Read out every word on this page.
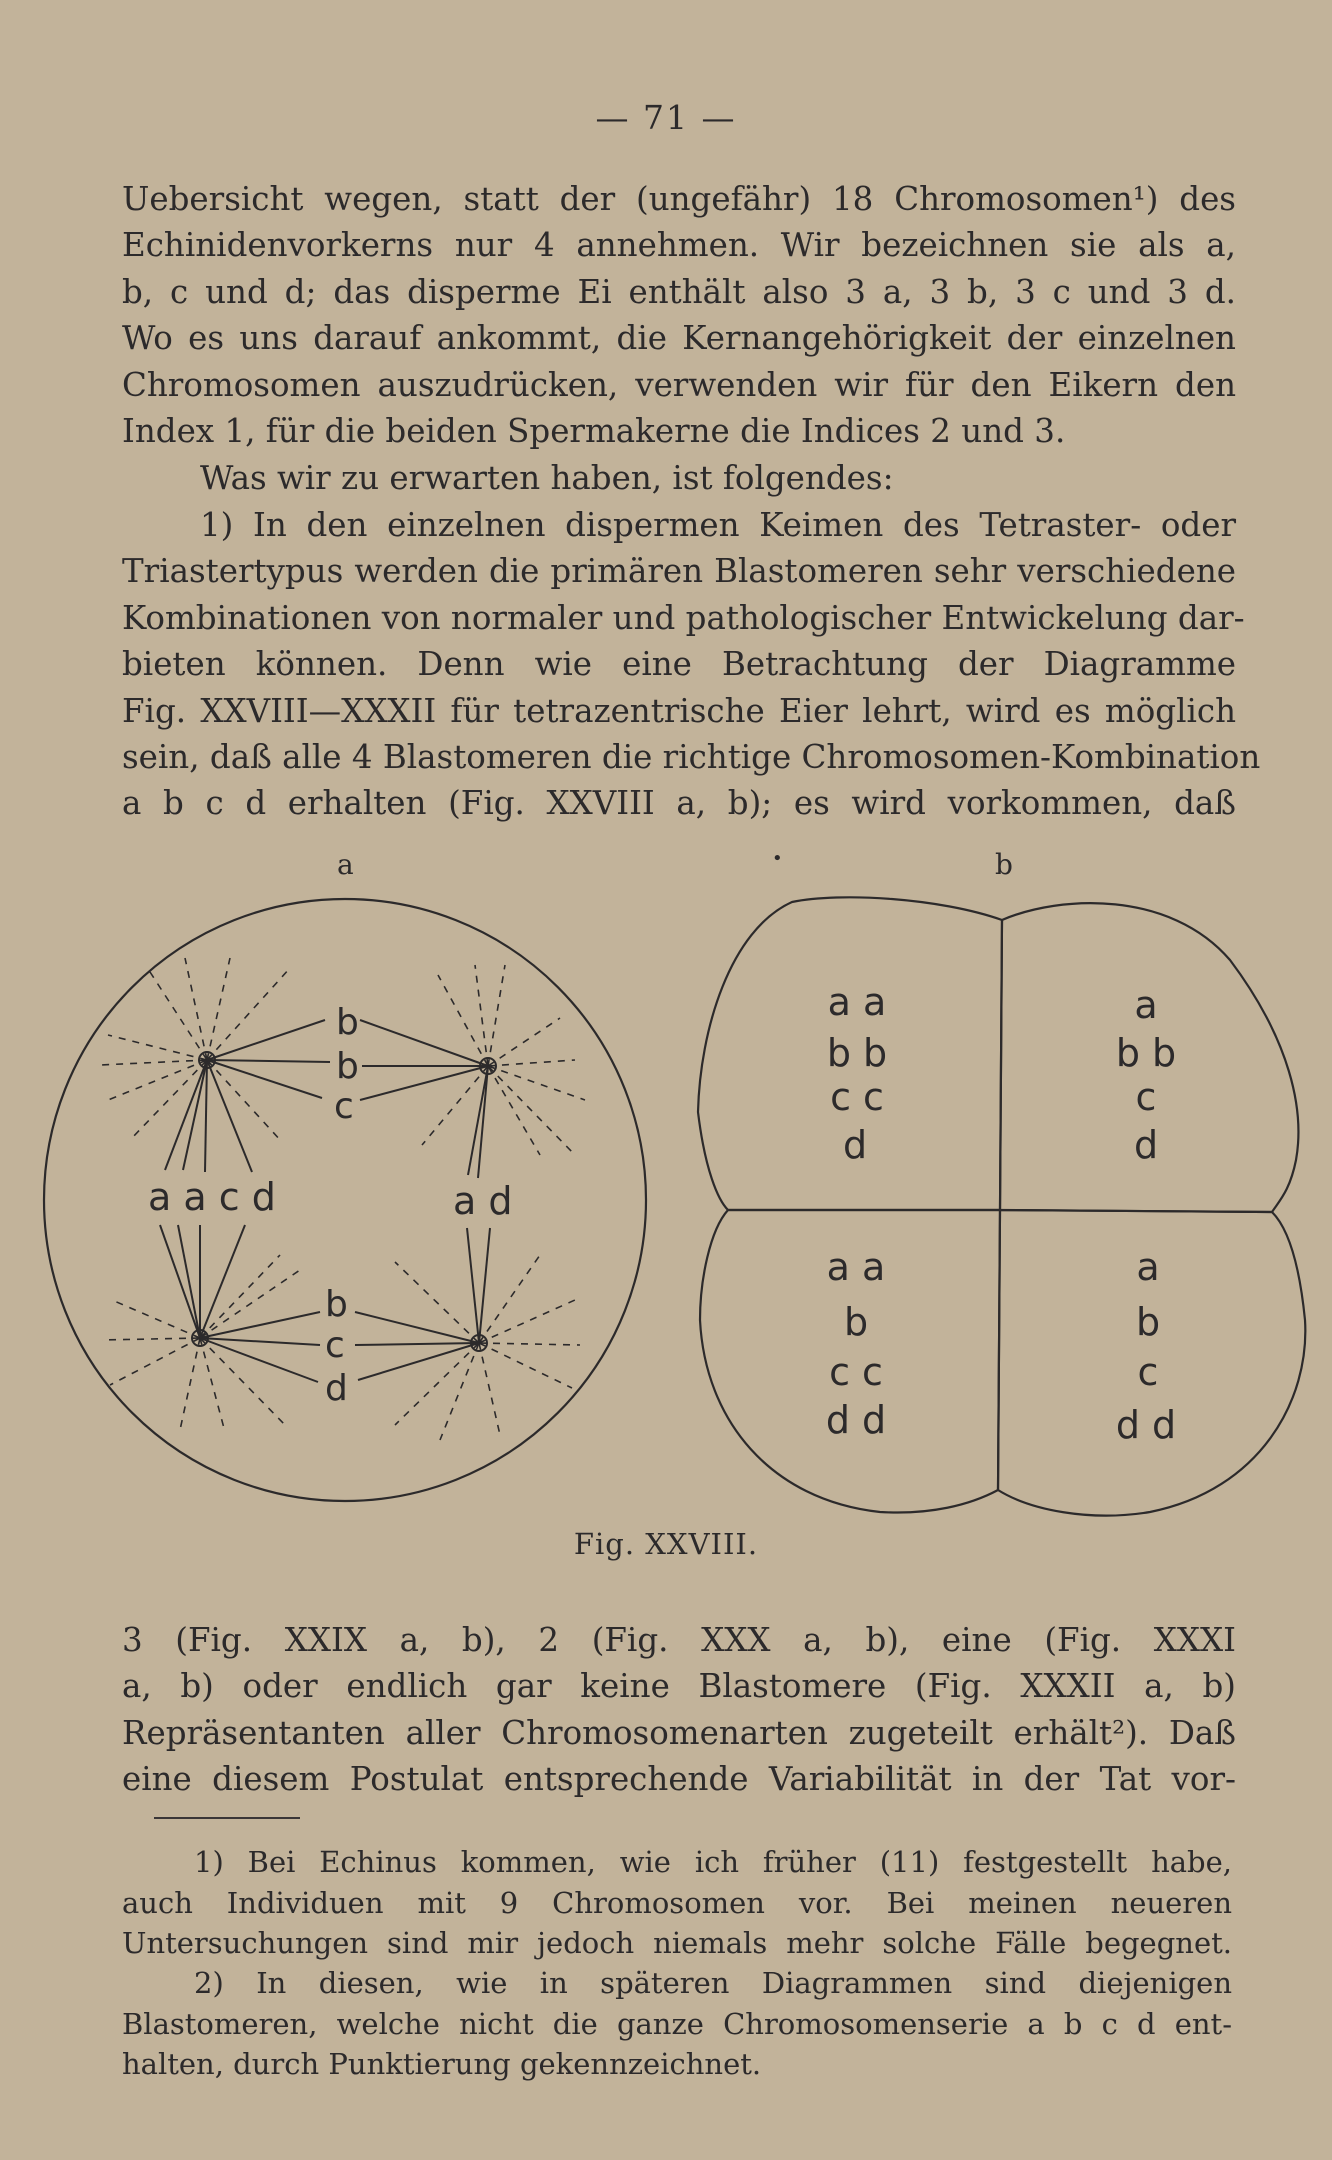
— 71 —
Uebersicht wegen, statt der (ungefähr) 18 Chromosomen¹) des
Echinidenvorkerns nur 4 annehmen. Wir bezeichnen sie als a,
b, c und d; das disperme Ei enthält also 3 a, 3 b, 3 c und 3 d.
Wo es uns darauf ankommt, die Kernangehörigkeit der einzelnen
Chromosomen auszudrücken, verwenden wir für den Eikern den
Index 1, für die beiden Spermakerne die Indices 2 und 3.
Was wir zu erwarten haben, ist folgendes:
1) In den einzelnen dispermen Keimen des Tetraster- oder
Triastertypus werden die primären Blastomeren sehr verschiedene
Kombinationen von normaler und pathologischer Entwickelung dar-
bieten können. Denn wie eine Betrachtung der Diagramme
Fig. XXVIII—XXXII für tetrazentrische Eier lehrt, wird es möglich
sein, daß alle 4 Blastomeren die richtige Chromosomen-Kombination
a b c d erhalten (Fig. XXVIII a, b); es wird vorkommen, daß
a	•	b
b
b
c
a a c d	a d
b
c
d
a a
b b
c c
d
a
b b
c
d
a a
b
c c
d d
a
b
c
d d
Fig. XXVIII.
3 (Fig. XXIX a, b), 2 (Fig. XXX a, b), eine (Fig. XXXI
a, b) oder endlich gar keine Blastomere (Fig. XXXII a, b)
Repräsentanten aller Chromosomenarten zugeteilt erhält²). Daß
eine diesem Postulat entsprechende Variabilität in der Tat vor-
1) Bei Echinus kommen, wie ich früher (11) festgestellt habe,
auch Individuen mit 9 Chromosomen vor. Bei meinen neueren
Untersuchungen sind mir jedoch niemals mehr solche Fälle begegnet.
2) In diesen, wie in späteren Diagrammen sind diejenigen
Blastomeren, welche nicht die ganze Chromosomenserie a b c d ent-
halten, durch Punktierung gekennzeichnet.
